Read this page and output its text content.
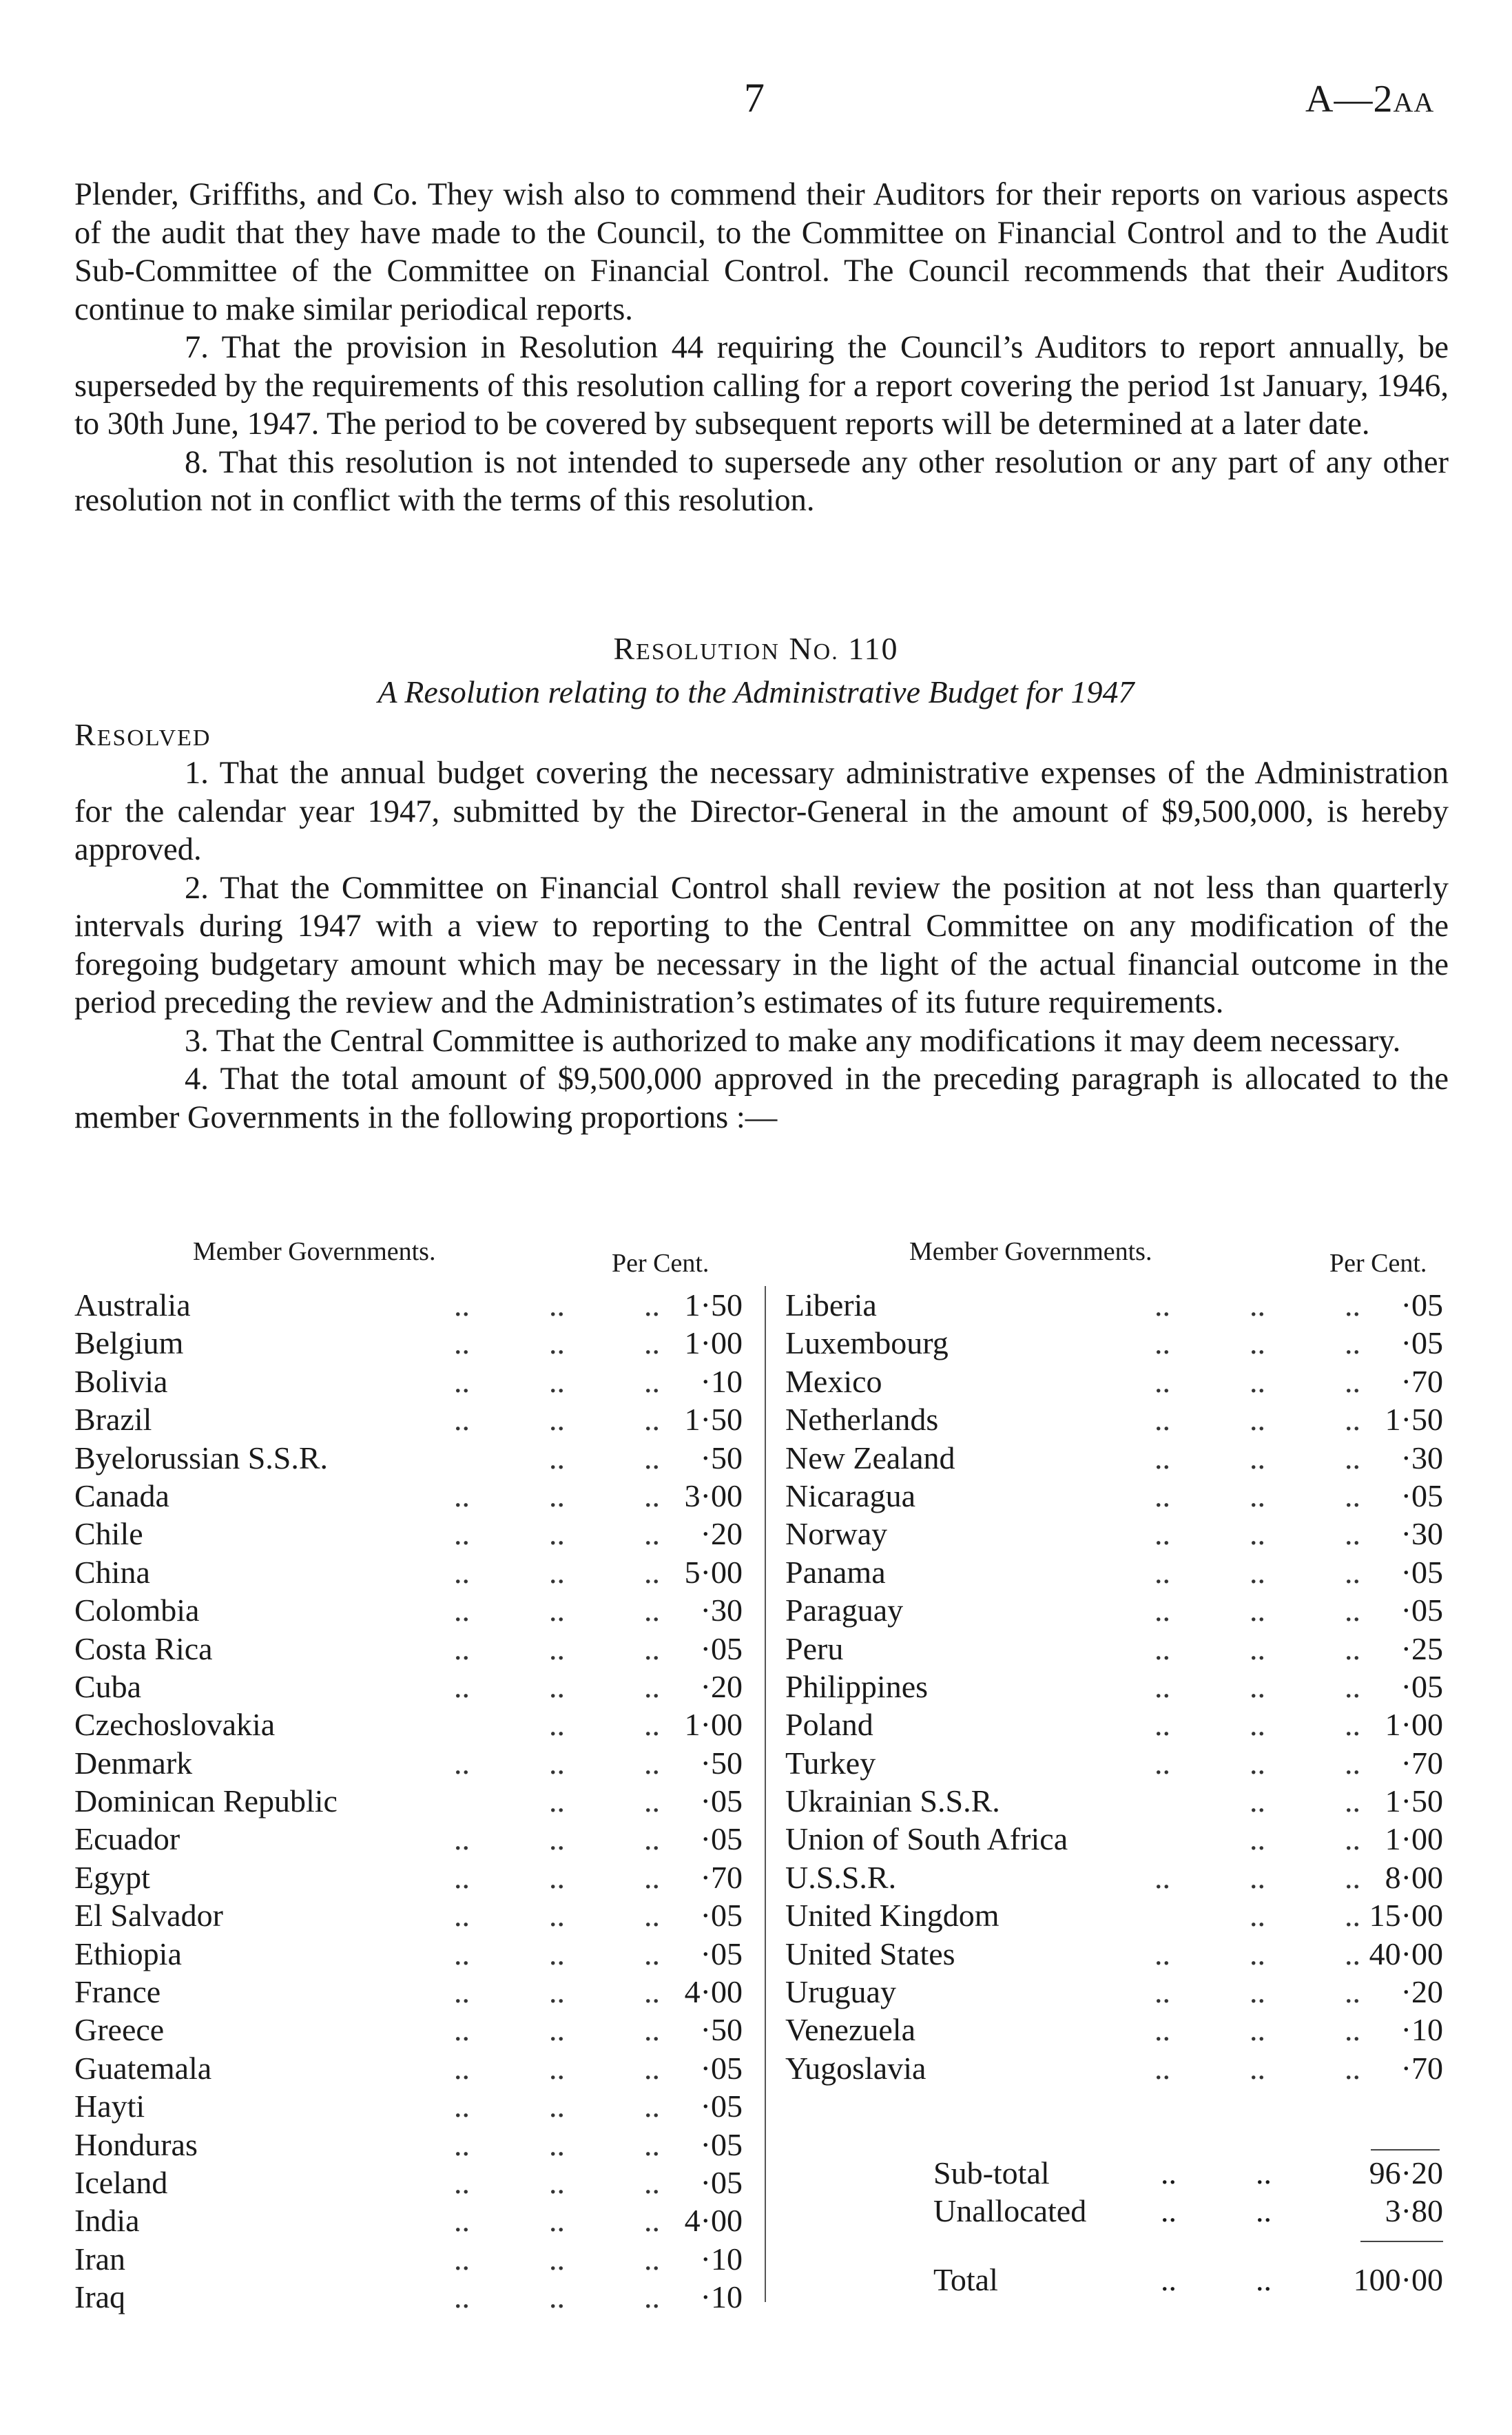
7	A—2AA

Plender, Griffiths, and Co. They wish also to commend their Auditors for their reports on various aspects of the audit that they have made to the Council, to the Committee on Financial Control and to the Audit Sub-Committee of the Committee on Financial Control. The Council recommends that their Auditors continue to make similar periodical reports.

7. That the provision in Resolution 44 requiring the Council’s Auditors to report annually, be superseded by the requirements of this resolution calling for a report covering the period 1st January, 1946, to 30th June, 1947. The period to be covered by subsequent reports will be determined at a later date.

8. That this resolution is not intended to supersede any other resolution or any part of any other resolution not in conflict with the terms of this resolution.

RESOLUTION NO. 110
A Resolution relating to the Administrative Budget for 1947
RESOLVED

1. That the annual budget covering the necessary administrative expenses of the Administration for the calendar year 1947, submitted by the Director-General in the amount of $9,500,000, is hereby approved.

2. That the Committee on Financial Control shall review the position at not less than quarterly intervals during 1947 with a view to reporting to the Central Committee on any modification of the foregoing budgetary amount which may be necessary in the light of the actual financial outcome in the period preceding the review and the Administration’s estimates of its future requirements.

3. That the Central Committee is authorized to make any modifications it may deem necessary.

4. That the total amount of $9,500,000 approved in the preceding paragraph is allocated to the member Governments in the following proportions :—

Member Governments.	Per Cent.	Member Governments.	Per Cent.
Australia	..          ..          .. 1·50
Belgium	..          ..          .. 1·00
Bolivia	..          ..          .. ·10
Brazil	..          ..          .. 1·50
Byelorussian S.S.R.	..          .. ·50
Canada	..          ..          .. 3·00
Chile	..          ..          .. ·20
China	..          ..          .. 5·00
Colombia	..          ..          .. ·30
Costa Rica	..          ..          .. ·05
Cuba	..          ..          .. ·20
Czechoslovakia	..          .. 1·00
Denmark	..          ..          .. ·50
Dominican Republic	..          .. ·05
Ecuador	..          ..          .. ·05
Egypt	..          ..          .. ·70
El Salvador	..          ..          .. ·05
Ethiopia	..          ..          .. ·05
France	..          ..          .. 4·00
Greece	..          ..          .. ·50
Guatemala	..          ..          .. ·05
Hayti	..          ..          .. ·05
Honduras	..          ..          .. ·05
Iceland	..          ..          .. ·05
India	..          ..          .. 4·00
Iran	..          ..          .. ·10
Iraq	..          ..          .. ·10
Liberia	..          ..          .. ·05
Luxembourg	..          ..          .. ·05
Mexico	..          ..          .. ·70
Netherlands	..          ..          .. 1·50
New Zealand	..          ..          .. ·30
Nicaragua	..          ..          .. ·05
Norway	..          ..          .. ·30
Panama	..          ..          .. ·05
Paraguay	..          ..          .. ·05
Peru	..          ..          .. ·25
Philippines	..          ..          .. ·05
Poland	..          ..          .. 1·00
Turkey	..          ..          .. ·70
Ukrainian S.S.R.	..          .. 1·50
Union of South Africa	..          .. 1·00
U.S.S.R.	..          ..          .. 8·00
United Kingdom	..          .. 15·00
United States	..          ..          .. 40·00
Uruguay	..          ..          .. ·20
Venezuela	..          ..          .. ·10
Yugoslavia	..          ..          .. ·70
Sub-total	..          ..	96·20
Unallocated ..          ..	3·80
Total	..          ..	100·00
